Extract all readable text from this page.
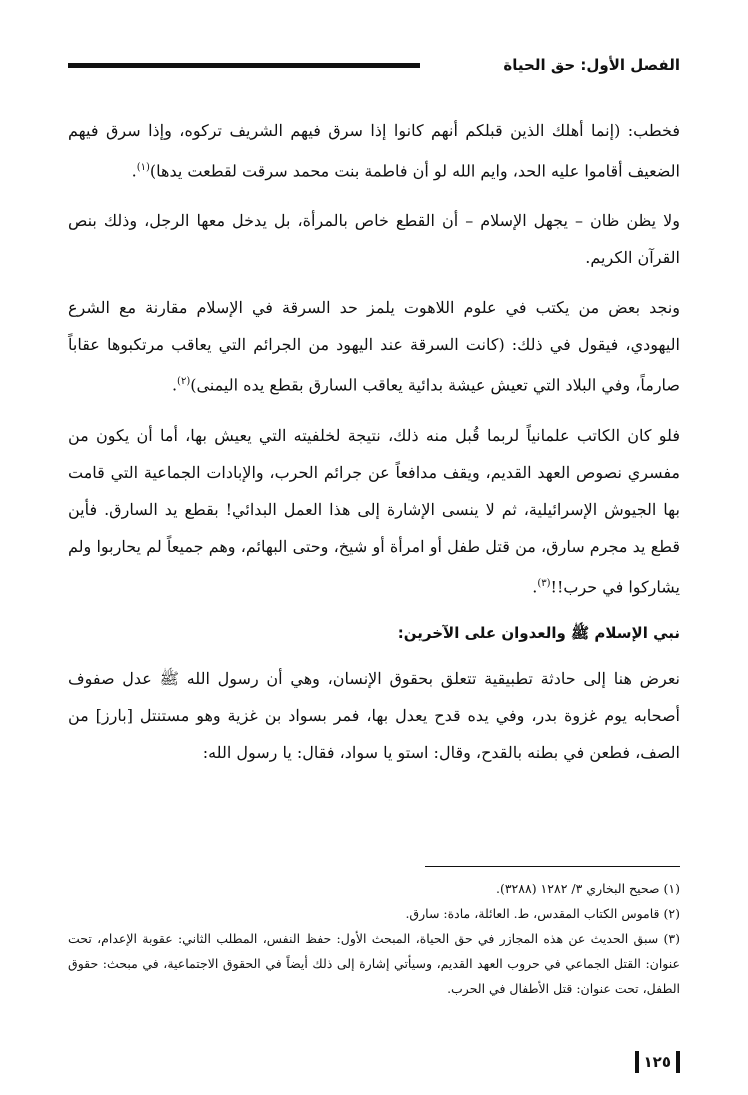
الفصل الأول: حق الحياة

فخطب: (إنما أهلك الذين قبلكم أنهم كانوا إذا سرق فيهم الشريف تركوه، وإذا سرق فيهم الضعيف أقاموا عليه الحد، وايم الله لو أن فاطمة بنت محمد سرقت لقطعت يدها)$^{(١)}$.

ولا يظن ظان – يجهل الإسلام – أن القطع خاص بالمرأة، بل يدخل معها الرجل، وذلك بنص القرآن الكريم.

ونجد بعض من يكتب في علوم اللاهوت يلمز حد السرقة في الإسلام مقارنة مع الشرع اليهودي، فيقول في ذلك: (كانت السرقة عند اليهود من الجرائم التي يعاقب مرتكبوها عقاباً صارماً، وفي البلاد التي تعيش عيشة بدائية يعاقب السارق بقطع يده اليمنى)$^{(٢)}$.

فلو كان الكاتب علمانياً لربما قُبل منه ذلك، نتيجة لخلفيته التي يعيش بها، أما أن يكون من مفسري نصوص العهد القديم، ويقف مدافعاً عن جرائم الحرب، والإبادات الجماعية التي قامت بها الجيوش الإسرائيلية، ثم لا ينسى الإشارة إلى هذا العمل البدائي! بقطع يد السارق. فأين قطع يد مجرم سارق، من قتل طفل أو امرأة أو شيخ، وحتى البهائم، وهم جميعاً لم يحاربوا ولم يشاركوا في حرب!!$^{(٣)}$.

نبي الإسلام ﷺ والعدوان على الآخرين:

نعرض هنا إلى حادثة تطبيقية تتعلق بحقوق الإنسان، وهي أن رسول الله ﷺ عدل صفوف أصحابه يوم غزوة بدر، وفي يده قدح يعدل بها، فمر بسواد بن غزية وهو مستنتل [بارز] من الصف، فطعن في بطنه بالقدح، وقال: استو يا سواد، فقال: يا رسول الله:

(١) صحيح البخاري ٣/ ١٢٨٢ (٣٢٨٨).

(٢) قاموس الكتاب المقدس، ط. العائلة، مادة: سارق.

(٣) سبق الحديث عن هذه المجازر في حق الحياة، المبحث الأول: حفظ النفس، المطلب الثاني: عقوبة الإعدام، تحت عنوان: القتل الجماعي في حروب العهد القديم، وسيأتي إشارة إلى ذلك أيضاً في الحقوق الاجتماعية، في مبحث: حقوق الطفل، تحت عنوان: قتل الأطفال في الحرب.

١٢٥
